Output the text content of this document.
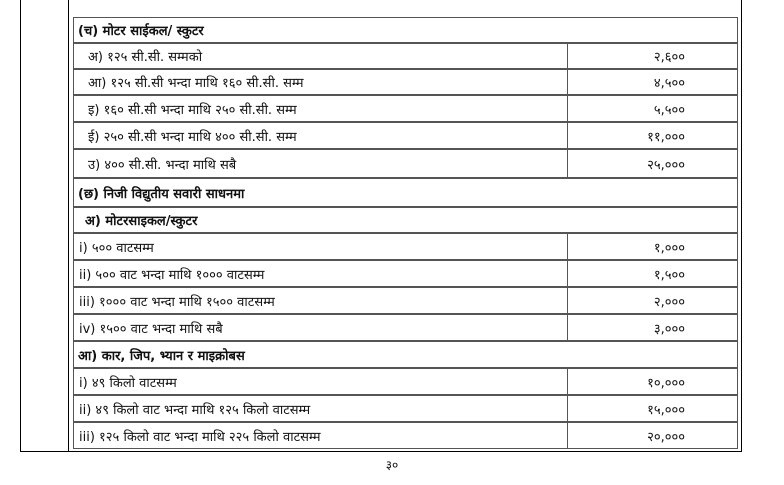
(च) मोटर साईकल/ स्कुटर
अ) १२५ सी.सी. सम्मको	२,६००
आ) १२५ सी.सी भन्दा माथि १६० सी.सी. सम्म	४,५००
इ) १६० सी.सी भन्दा माथि २५० सी.सी. सम्म	५,५००
ई) २५० सी.सी भन्दा माथि ४०० सी.सी. सम्म	११,०००
उ) ४०० सी.सी. भन्दा माथि सबै	२५,०००
(छ) निजी विद्युतीय सवारी साधनमा
अ) मोटरसाइकल/स्कुटर
i) ५०० वाटसम्म	१,०००
ii) ५०० वाट भन्दा माथि १००० वाटसम्म	१,५००
iii) १००० वाट भन्दा माथि १५०० वाटसम्म	२,०००
iv) १५०० वाट भन्दा माथि सबै	३,०००
आ) कार, जिप, भ्यान र माइक्रोबस
i) ४९ किलो वाटसम्म	१०,०००
ii) ४९ किलो वाट भन्दा माथि १२५ किलो वाटसम्म	१५,०००
iii) १२५ किलो वाट भन्दा माथि २२५ किलो वाटसम्म	२०,०००
३०
